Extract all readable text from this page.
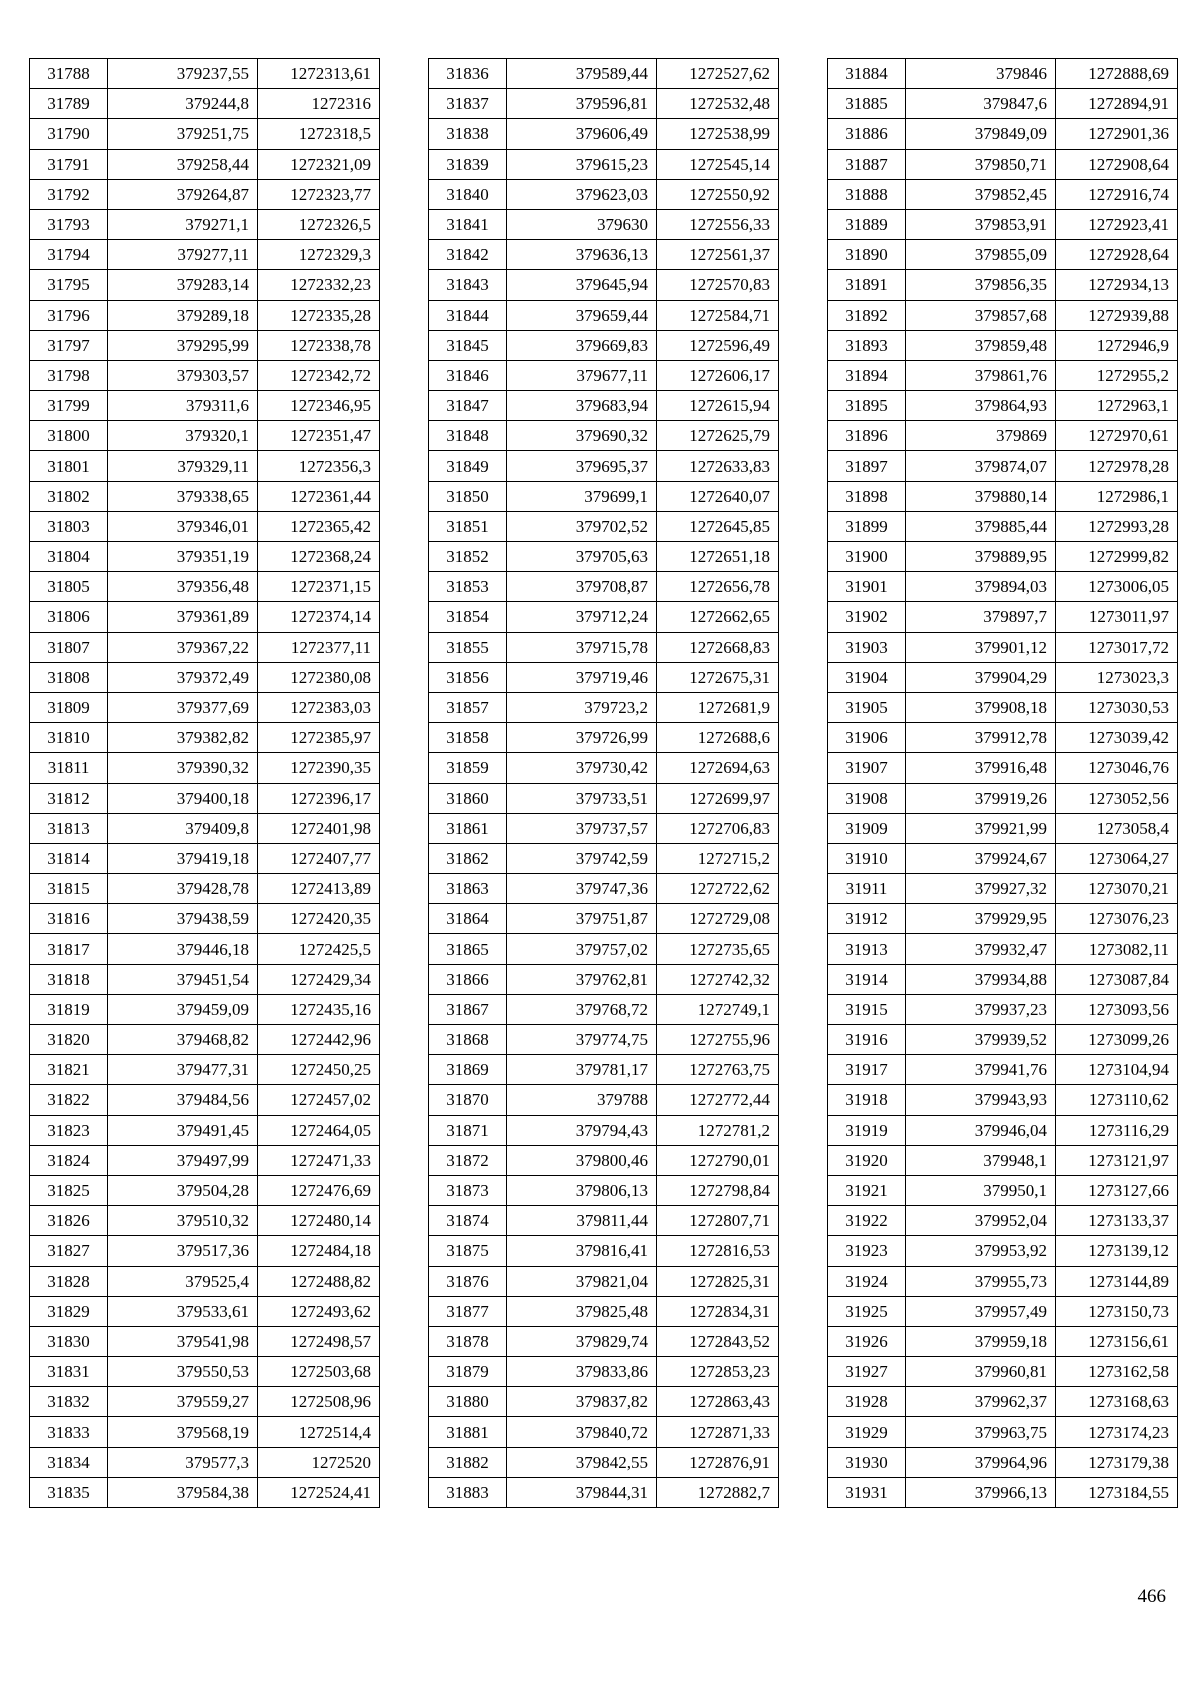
31788	379237,55	1272313,61
31789	379244,8	1272316
31790	379251,75	1272318,5
31791	379258,44	1272321,09
31792	379264,87	1272323,77
31793	379271,1	1272326,5
31794	379277,11	1272329,3
31795	379283,14	1272332,23
31796	379289,18	1272335,28
31797	379295,99	1272338,78
31798	379303,57	1272342,72
31799	379311,6	1272346,95
31800	379320,1	1272351,47
31801	379329,11	1272356,3
31802	379338,65	1272361,44
31803	379346,01	1272365,42
31804	379351,19	1272368,24
31805	379356,48	1272371,15
31806	379361,89	1272374,14
31807	379367,22	1272377,11
31808	379372,49	1272380,08
31809	379377,69	1272383,03
31810	379382,82	1272385,97
31811	379390,32	1272390,35
31812	379400,18	1272396,17
31813	379409,8	1272401,98
31814	379419,18	1272407,77
31815	379428,78	1272413,89
31816	379438,59	1272420,35
31817	379446,18	1272425,5
31818	379451,54	1272429,34
31819	379459,09	1272435,16
31820	379468,82	1272442,96
31821	379477,31	1272450,25
31822	379484,56	1272457,02
31823	379491,45	1272464,05
31824	379497,99	1272471,33
31825	379504,28	1272476,69
31826	379510,32	1272480,14
31827	379517,36	1272484,18
31828	379525,4	1272488,82
31829	379533,61	1272493,62
31830	379541,98	1272498,57
31831	379550,53	1272503,68
31832	379559,27	1272508,96
31833	379568,19	1272514,4
31834	379577,3	1272520
31835	379584,38	1272524,41
31836	379589,44	1272527,62
31837	379596,81	1272532,48
31838	379606,49	1272538,99
31839	379615,23	1272545,14
31840	379623,03	1272550,92
31841	379630	1272556,33
31842	379636,13	1272561,37
31843	379645,94	1272570,83
31844	379659,44	1272584,71
31845	379669,83	1272596,49
31846	379677,11	1272606,17
31847	379683,94	1272615,94
31848	379690,32	1272625,79
31849	379695,37	1272633,83
31850	379699,1	1272640,07
31851	379702,52	1272645,85
31852	379705,63	1272651,18
31853	379708,87	1272656,78
31854	379712,24	1272662,65
31855	379715,78	1272668,83
31856	379719,46	1272675,31
31857	379723,2	1272681,9
31858	379726,99	1272688,6
31859	379730,42	1272694,63
31860	379733,51	1272699,97
31861	379737,57	1272706,83
31862	379742,59	1272715,2
31863	379747,36	1272722,62
31864	379751,87	1272729,08
31865	379757,02	1272735,65
31866	379762,81	1272742,32
31867	379768,72	1272749,1
31868	379774,75	1272755,96
31869	379781,17	1272763,75
31870	379788	1272772,44
31871	379794,43	1272781,2
31872	379800,46	1272790,01
31873	379806,13	1272798,84
31874	379811,44	1272807,71
31875	379816,41	1272816,53
31876	379821,04	1272825,31
31877	379825,48	1272834,31
31878	379829,74	1272843,52
31879	379833,86	1272853,23
31880	379837,82	1272863,43
31881	379840,72	1272871,33
31882	379842,55	1272876,91
31883	379844,31	1272882,7
31884	379846	1272888,69
31885	379847,6	1272894,91
31886	379849,09	1272901,36
31887	379850,71	1272908,64
31888	379852,45	1272916,74
31889	379853,91	1272923,41
31890	379855,09	1272928,64
31891	379856,35	1272934,13
31892	379857,68	1272939,88
31893	379859,48	1272946,9
31894	379861,76	1272955,2
31895	379864,93	1272963,1
31896	379869	1272970,61
31897	379874,07	1272978,28
31898	379880,14	1272986,1
31899	379885,44	1272993,28
31900	379889,95	1272999,82
31901	379894,03	1273006,05
31902	379897,7	1273011,97
31903	379901,12	1273017,72
31904	379904,29	1273023,3
31905	379908,18	1273030,53
31906	379912,78	1273039,42
31907	379916,48	1273046,76
31908	379919,26	1273052,56
31909	379921,99	1273058,4
31910	379924,67	1273064,27
31911	379927,32	1273070,21
31912	379929,95	1273076,23
31913	379932,47	1273082,11
31914	379934,88	1273087,84
31915	379937,23	1273093,56
31916	379939,52	1273099,26
31917	379941,76	1273104,94
31918	379943,93	1273110,62
31919	379946,04	1273116,29
31920	379948,1	1273121,97
31921	379950,1	1273127,66
31922	379952,04	1273133,37
31923	379953,92	1273139,12
31924	379955,73	1273144,89
31925	379957,49	1273150,73
31926	379959,18	1273156,61
31927	379960,81	1273162,58
31928	379962,37	1273168,63
31929	379963,75	1273174,23
31930	379964,96	1273179,38
31931	379966,13	1273184,55
466
